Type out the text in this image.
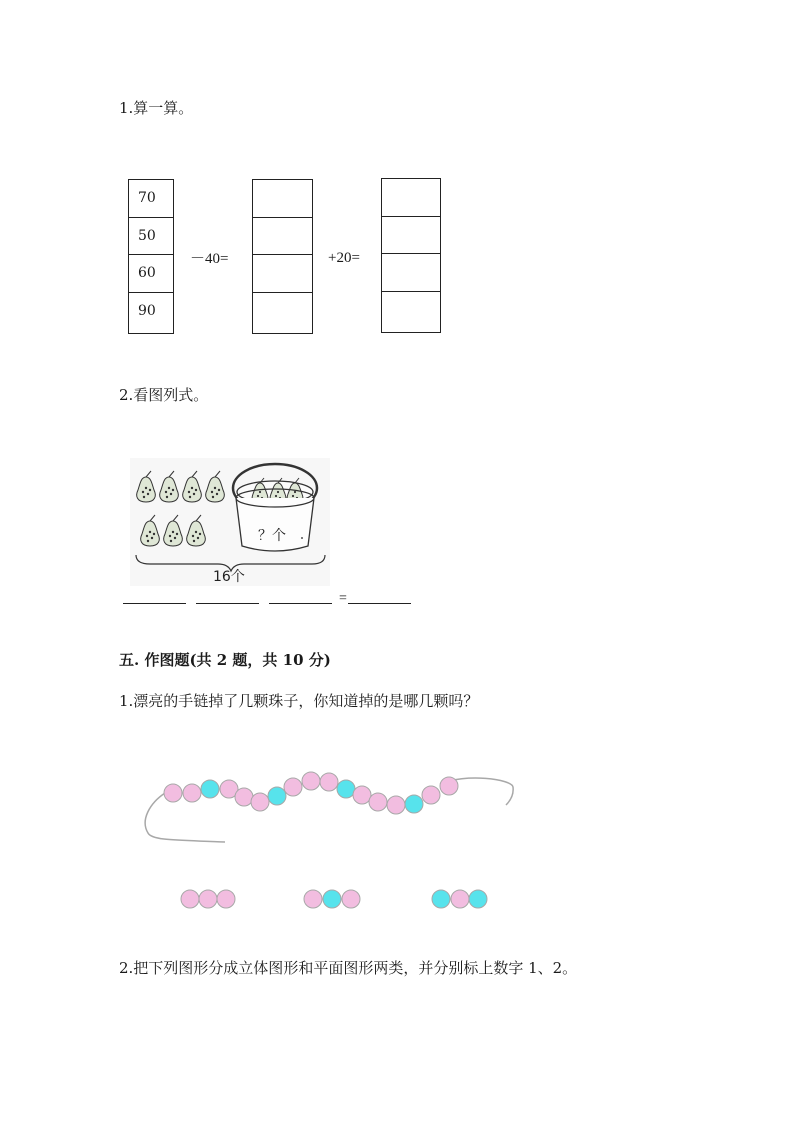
1.算一算。
70
50
60
90
－40=	+20=
2.看图列式。
？个
16个
=
五. 作图题(共 2 题，共 10 分)
1.漂亮的手链掉了几颗珠子，你知道掉的是哪几颗吗？
2.把下列图形分成立体图形和平面图形两类，并分别标上数字 1、2。
